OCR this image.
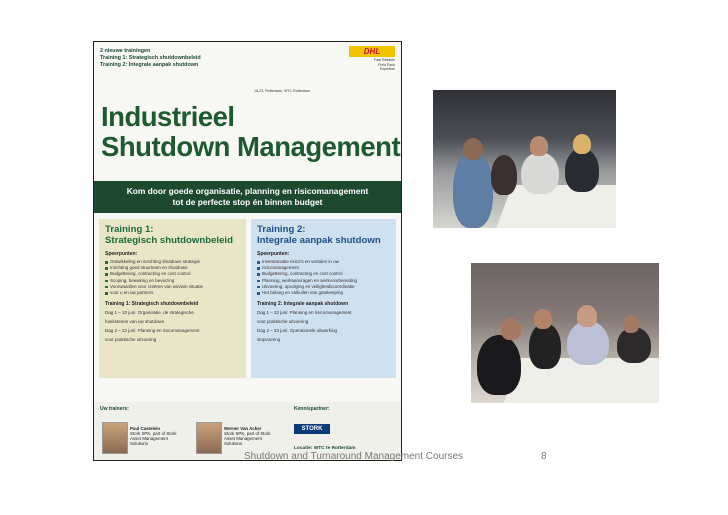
2 nieuwe trainingen
Training 1: Strategisch shutdownbeleid
Training 2: Integrale aanpak shutdown
DHL
Fast Reliable
Field Pack
Expertise
18-23, Rotterdam, WTC Rotterdam
Industrieel
Shutdown Management
Kom door goede organisatie, planning en risicomanagement
tot de perfecte stop én binnen budget
Training 1:
Strategisch shutdownbeleid
Speerpunten:
Ontwikkeling en inrichting shutdown strategie
Inrichting goed stuurteam en shutdown
Budgettering, contracting en cost control
Scoping, bewaking en beviezing
Voorwaarden voor creëren van win/win situatie
voor u en uw partners
Training 1: Strategisch shutdownbeleid
Dag 1 – 10 juni: Organisatie, de strategische
hoekstenen van uw shutdown
Dag 2 – 22 juni: Planning en risicomanagement
voor praktische uitvoering
Training 2:
Integrale aanpak shutdown
Speerpunten:
Inventarisatie risico's en vertalen in uw
risicomanagement
Budgettering, contracting en cost control
Planning, werkaanvragen en werkvoorbereiding
Uitvoering, opvolging en veiligheidscoördinatie
Het belang en valkuilen van gatekeeping
Training 2: Integrale aanpak shutdown
Dag 1 – 22 juni: Planning en risicomanagement
voor praktische uitvoering
Dag 2 – 23 juni: Operationele uitwerking
stopvoering
Uw trainers:
Paul Castelein
Stork SPK, part of Stork
Asset Management
Solutions
Werner Van Acker
Stork SPK, part of Stork
Asset Management
Solutions
Kennispartner:
STORK
Locatie: WTC te Rotterdam
Shutdown and Turnaround Management Courses	8
